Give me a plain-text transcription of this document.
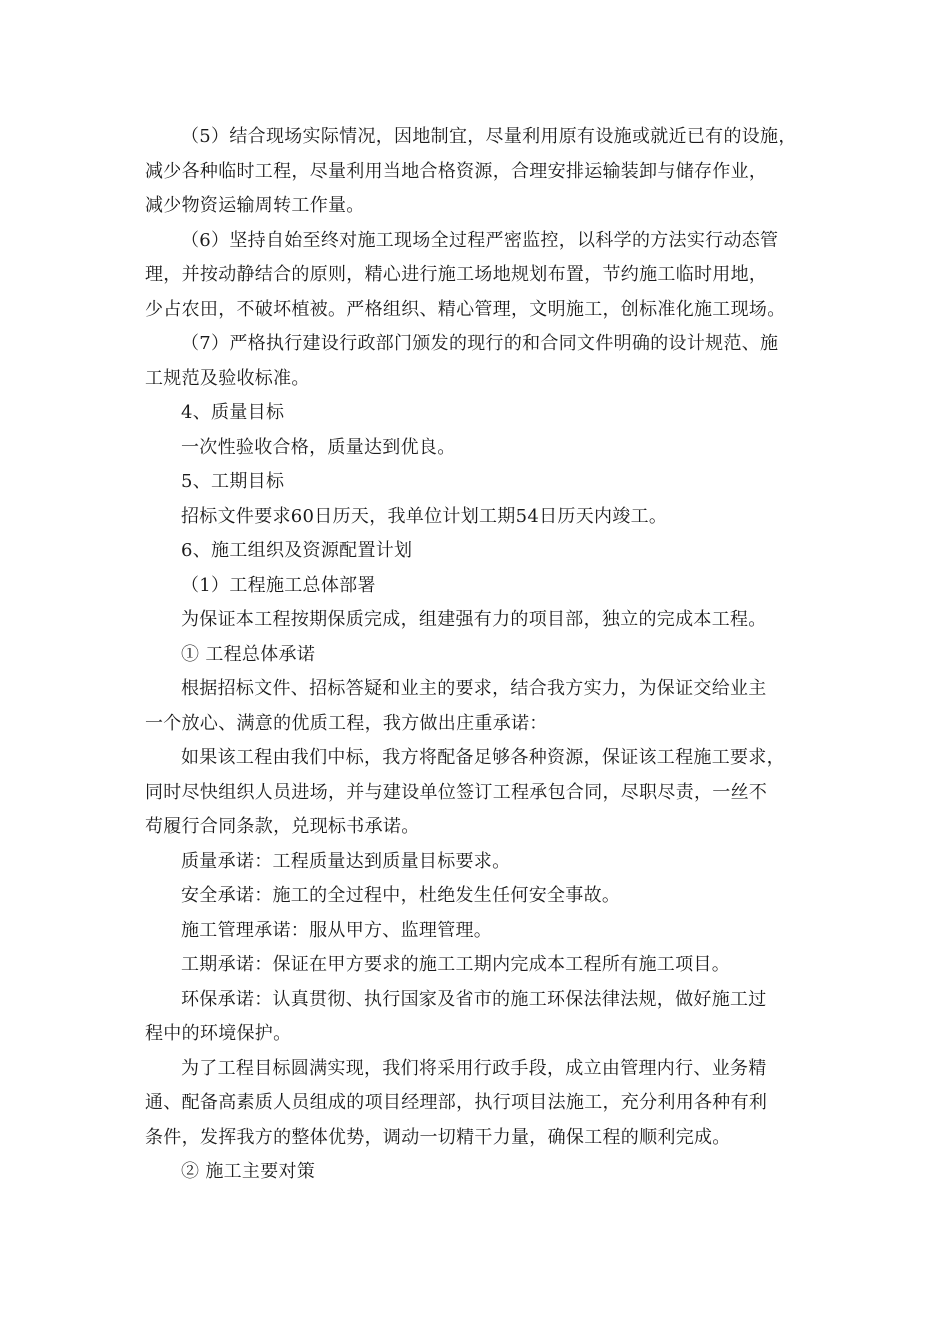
（5）结合现场实际情况，因地制宜，尽量利用原有设施或就近已有的设施，
减少各种临时工程，尽量利用当地合格资源，合理安排运输装卸与储存作业，
减少物资运输周转工作量。
（6）坚持自始至终对施工现场全过程严密监控，以科学的方法实行动态管
理，并按动静结合的原则，精心进行施工场地规划布置，节约施工临时用地，
少占农田，不破坏植被。严格组织、精心管理，文明施工，创标准化施工现场。
（7）严格执行建设行政部门颁发的现行的和合同文件明确的设计规范、施
工规范及验收标准。
4、质量目标
一次性验收合格，质量达到优良。
5、工期目标
招标文件要求60日历天，我单位计划工期54日历天内竣工。
6、施工组织及资源配置计划
（1）工程施工总体部署
为保证本工程按期保质完成，组建强有力的项目部，独立的完成本工程。
① 工程总体承诺
根据招标文件、招标答疑和业主的要求，结合我方实力，为保证交给业主
一个放心、满意的优质工程，我方做出庄重承诺：
如果该工程由我们中标，我方将配备足够各种资源，保证该工程施工要求，
同时尽快组织人员进场，并与建设单位签订工程承包合同，尽职尽责，一丝不
苟履行合同条款，兑现标书承诺。
质量承诺：工程质量达到质量目标要求。
安全承诺：施工的全过程中，杜绝发生任何安全事故。
施工管理承诺：服从甲方、监理管理。
工期承诺：保证在甲方要求的施工工期内完成本工程所有施工项目。
环保承诺：认真贯彻、执行国家及省市的施工环保法律法规，做好施工过
程中的环境保护。
为了工程目标圆满实现，我们将采用行政手段，成立由管理内行、业务精
通、配备高素质人员组成的项目经理部，执行项目法施工，充分利用各种有利
条件，发挥我方的整体优势，调动一切精干力量，确保工程的顺利完成。
② 施工主要对策
